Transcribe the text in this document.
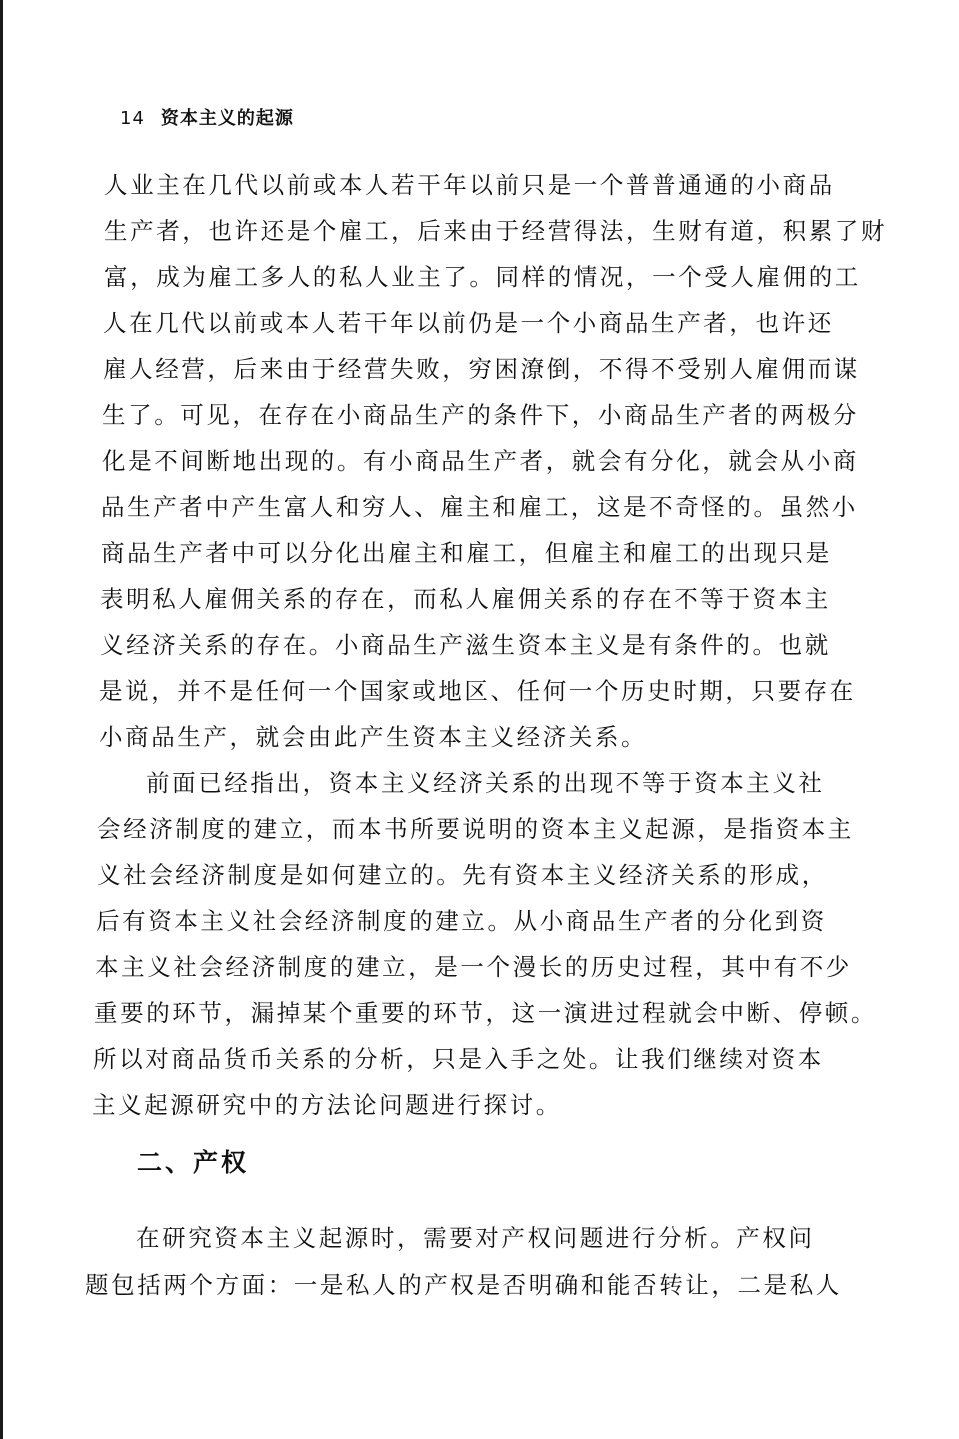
14 资本主义的起源
人业主在几代以前或本人若干年以前只是一个普普通通的小商品
生产者，也许还是个雇工，后来由于经营得法，生财有道，积累了财
富，成为雇工多人的私人业主了。同样的情况，一个受人雇佣的工
人在几代以前或本人若干年以前仍是一个小商品生产者，也许还
雇人经营，后来由于经营失败，穷困潦倒，不得不受别人雇佣而谋
生了。可见，在存在小商品生产的条件下，小商品生产者的两极分
化是不间断地出现的。有小商品生产者，就会有分化，就会从小商
品生产者中产生富人和穷人、雇主和雇工，这是不奇怪的。虽然小
商品生产者中可以分化出雇主和雇工，但雇主和雇工的出现只是
表明私人雇佣关系的存在，而私人雇佣关系的存在不等于资本主
义经济关系的存在。小商品生产滋生资本主义是有条件的。也就
是说，并不是任何一个国家或地区、任何一个历史时期，只要存在
小商品生产，就会由此产生资本主义经济关系。
前面已经指出，资本主义经济关系的出现不等于资本主义社
会经济制度的建立，而本书所要说明的资本主义起源，是指资本主
义社会经济制度是如何建立的。先有资本主义经济关系的形成，
后有资本主义社会经济制度的建立。从小商品生产者的分化到资
本主义社会经济制度的建立，是一个漫长的历史过程，其中有不少
重要的环节，漏掉某个重要的环节，这一演进过程就会中断、停顿。
所以对商品货币关系的分析，只是入手之处。让我们继续对资本
主义起源研究中的方法论问题进行探讨。
二、产权
在研究资本主义起源时，需要对产权问题进行分析。产权问
题包括两个方面：一是私人的产权是否明确和能否转让，二是私人
